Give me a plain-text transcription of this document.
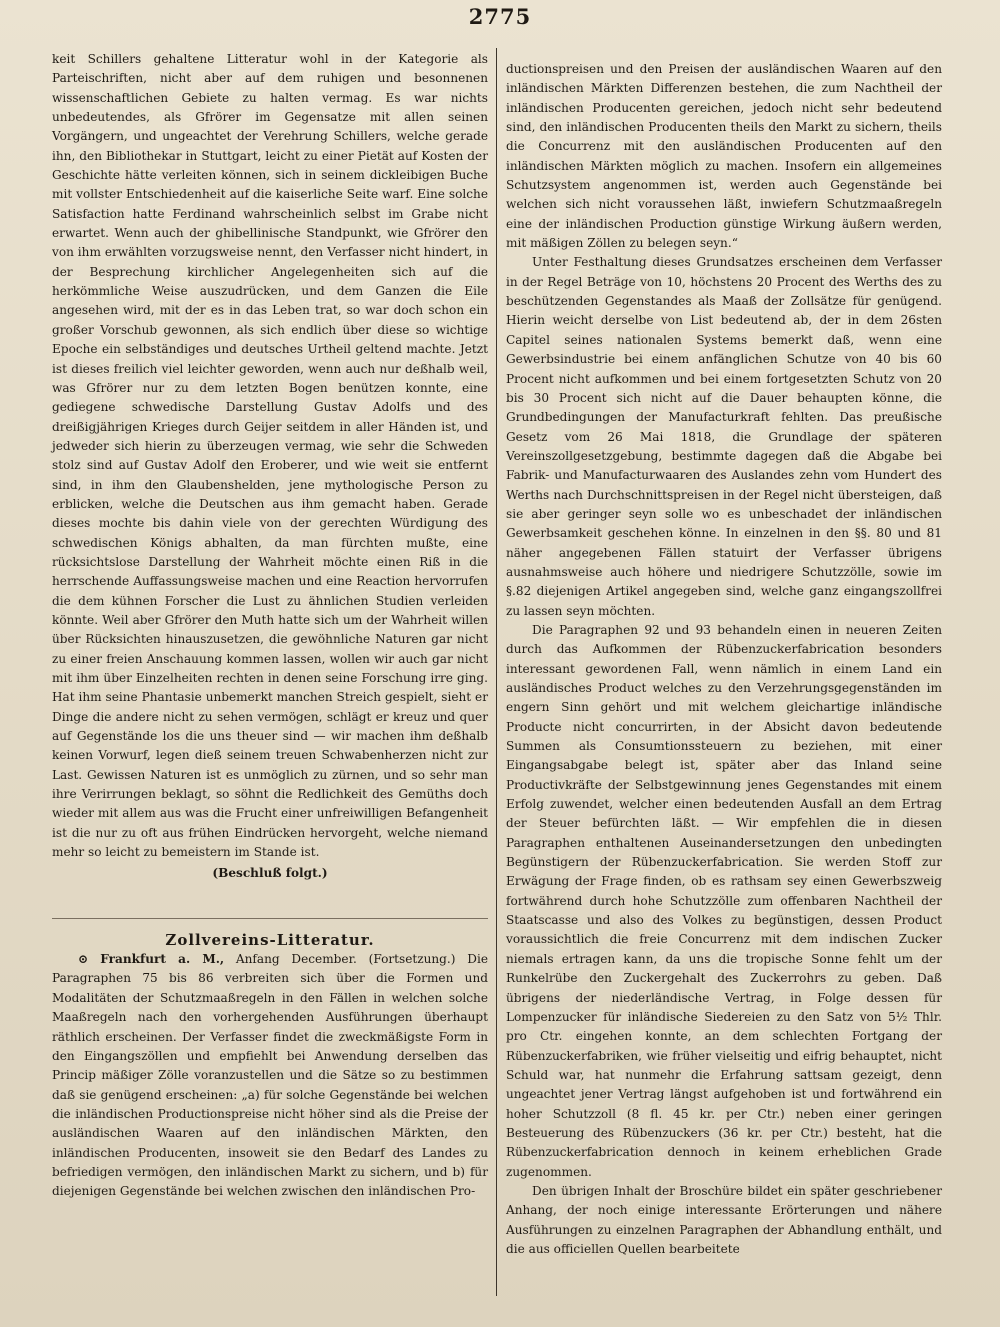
2775

keit Schillers gehaltene Litteratur wohl in der Kategorie als Parteischriften, nicht aber auf dem ruhigen und besonnenen wissenschaftlichen Gebiete zu halten vermag. Es war nichts unbedeutendes, als Gfrörer im Gegensatze mit allen seinen Vorgängern, und ungeachtet der Verehrung Schillers, welche gerade ihn, den Bibliothekar in Stuttgart, leicht zu einer Pietät auf Kosten der Geschichte hätte verleiten können, sich in seinem dickleibigen Buche mit vollster Entschiedenheit auf die kaiserliche Seite warf. Eine solche Satisfaction hatte Ferdinand wahrscheinlich selbst im Grabe nicht erwartet. Wenn auch der ghibellinische Standpunkt, wie Gfrörer den von ihm erwählten vorzugsweise nennt, den Verfasser nicht hindert, in der Besprechung kirchlicher Angelegenheiten sich auf die herkömmliche Weise auszudrücken, und dem Ganzen die Eile angesehen wird, mit der es in das Leben trat, so war doch schon ein großer Vorschub gewonnen, als sich endlich über diese so wichtige Epoche ein selbständiges und deutsches Urtheil geltend machte. Jetzt ist dieses freilich viel leichter geworden, wenn auch nur deßhalb weil, was Gfrörer nur zu dem letzten Bogen benützen konnte, eine gediegene schwedische Darstellung Gustav Adolfs und des dreißigjährigen Krieges durch Geijer seitdem in aller Händen ist, und jedweder sich hierin zu überzeugen vermag, wie sehr die Schweden stolz sind auf Gustav Adolf den Eroberer, und wie weit sie entfernt sind, in ihm den Glaubenshelden, jene mythologische Person zu erblicken, welche die Deutschen aus ihm gemacht haben. Gerade dieses mochte bis dahin viele von der gerechten Würdigung des schwedischen Königs abhalten, da man fürchten mußte, eine rücksichtslose Darstellung der Wahrheit möchte einen Riß in die herrschende Auffassungsweise machen und eine Reaction hervorrufen die dem kühnen Forscher die Lust zu ähnlichen Studien verleiden könnte. Weil aber Gfrörer den Muth hatte sich um der Wahrheit willen über Rücksichten hinauszusetzen, die gewöhnliche Naturen gar nicht zu einer freien Anschauung kommen lassen, wollen wir auch gar nicht mit ihm über Einzelheiten rechten in denen seine Forschung irre ging. Hat ihm seine Phantasie unbemerkt manchen Streich gespielt, sieht er Dinge die andere nicht zu sehen vermögen, schlägt er kreuz und quer auf Gegenstände los die uns theuer sind — wir machen ihm deßhalb keinen Vorwurf, legen dieß seinem treuen Schwabenherzen nicht zur Last. Gewissen Naturen ist es unmöglich zu zürnen, und so sehr man ihre Verirrungen beklagt, so söhnt die Redlichkeit des Gemüths doch wieder mit allem aus was die Frucht einer unfreiwilligen Befangenheit ist die nur zu oft aus frühen Eindrücken hervorgeht, welche niemand mehr so leicht zu bemeistern im Stande ist.

(Beschluß folgt.)

Zollvereins-Litteratur.

⊙ Frankfurt a. M., Anfang December. (Fortsetzung.) Die Paragraphen 75 bis 86 verbreiten sich über die Formen und Modalitäten der Schutzmaaßregeln in den Fällen in welchen solche Maaßregeln nach den vorhergehenden Ausführungen überhaupt räthlich erscheinen. Der Verfasser findet die zweckmäßigste Form in den Eingangszöllen und empfiehlt bei Anwendung derselben das Princip mäßiger Zölle voranzustellen und die Sätze so zu bestimmen daß sie genügend erscheinen: „a) für solche Gegenstände bei welchen die inländischen Productionspreise nicht höher sind als die Preise der ausländischen Waaren auf den inländischen Märkten, den inländischen Producenten, insoweit sie den Bedarf des Landes zu befriedigen vermögen, den inländischen Markt zu sichern, und b) für diejenigen Gegenstände bei welchen zwischen den inländischen Pro-

ductionspreisen und den Preisen der ausländischen Waaren auf den inländischen Märkten Differenzen bestehen, die zum Nachtheil der inländischen Producenten gereichen, jedoch nicht sehr bedeutend sind, den inländischen Producenten theils den Markt zu sichern, theils die Concurrenz mit den ausländischen Producenten auf den inländischen Märkten möglich zu machen. Insofern ein allgemeines Schutzsystem angenommen ist, werden auch Gegenstände bei welchen sich nicht voraussehen läßt, inwiefern Schutzmaaßregeln eine der inländischen Production günstige Wirkung äußern werden, mit mäßigen Zöllen zu belegen seyn.“

Unter Festhaltung dieses Grundsatzes erscheinen dem Verfasser in der Regel Beträge von 10, höchstens 20 Procent des Werths des zu beschützenden Gegenstandes als Maaß der Zollsätze für genügend. Hierin weicht derselbe von List bedeutend ab, der in dem 26sten Capitel seines nationalen Systems bemerkt daß, wenn eine Gewerbsindustrie bei einem anfänglichen Schutze von 40 bis 60 Procent nicht aufkommen und bei einem fortgesetzten Schutz von 20 bis 30 Procent sich nicht auf die Dauer behaupten könne, die Grundbedingungen der Manufacturkraft fehlten. Das preußische Gesetz vom 26 Mai 1818, die Grundlage der späteren Vereinszollgesetzgebung, bestimmte dagegen daß die Abgabe bei Fabrik- und Manufacturwaaren des Auslandes zehn vom Hundert des Werths nach Durchschnittspreisen in der Regel nicht übersteigen, daß sie aber geringer seyn solle wo es unbeschadet der inländischen Gewerbsamkeit geschehen könne. In einzelnen in den §§. 80 und 81 näher angegebenen Fällen statuirt der Verfasser übrigens ausnahmsweise auch höhere und niedrigere Schutzzölle, sowie im §.82 diejenigen Artikel angegeben sind, welche ganz eingangszollfrei zu lassen seyn möchten.

Die Paragraphen 92 und 93 behandeln einen in neueren Zeiten durch das Aufkommen der Rübenzuckerfabrication besonders interessant gewordenen Fall, wenn nämlich in einem Land ein ausländisches Product welches zu den Verzehrungsgegenständen im engern Sinn gehört und mit welchem gleichartige inländische Producte nicht concurrirten, in der Absicht davon bedeutende Summen als Consumtionssteuern zu beziehen, mit einer Eingangsabgabe belegt ist, später aber das Inland seine Productivkräfte der Selbstgewinnung jenes Gegenstandes mit einem Erfolg zuwendet, welcher einen bedeutenden Ausfall an dem Ertrag der Steuer befürchten läßt. — Wir empfehlen die in diesen Paragraphen enthaltenen Auseinandersetzungen den unbedingten Begünstigern der Rübenzuckerfabrication. Sie werden Stoff zur Erwägung der Frage finden, ob es rathsam sey einen Gewerbszweig fortwährend durch hohe Schutzzölle zum offenbaren Nachtheil der Staatscasse und also des Volkes zu begünstigen, dessen Product voraussichtlich die freie Concurrenz mit dem indischen Zucker niemals ertragen kann, da uns die tropische Sonne fehlt um der Runkelrübe den Zuckergehalt des Zuckerrohrs zu geben. Daß übrigens der niederländische Vertrag, in Folge dessen für Lompenzucker für inländische Siedereien zu den Satz von 5½ Thlr. pro Ctr. eingehen konnte, an dem schlechten Fortgang der Rübenzuckerfabriken, wie früher vielseitig und eifrig behauptet, nicht Schuld war, hat nunmehr die Erfahrung sattsam gezeigt, denn ungeachtet jener Vertrag längst aufgehoben ist und fortwährend ein hoher Schutzzoll (8 fl. 45 kr. per Ctr.) neben einer geringen Besteuerung des Rübenzuckers (36 kr. per Ctr.) besteht, hat die Rübenzuckerfabrication dennoch in keinem erheblichen Grade zugenommen.

Den übrigen Inhalt der Broschüre bildet ein später geschriebener Anhang, der noch einige interessante Erörterungen und nähere Ausführungen zu einzelnen Paragraphen der Abhandlung enthält, und die aus officiellen Quellen bearbeitete
